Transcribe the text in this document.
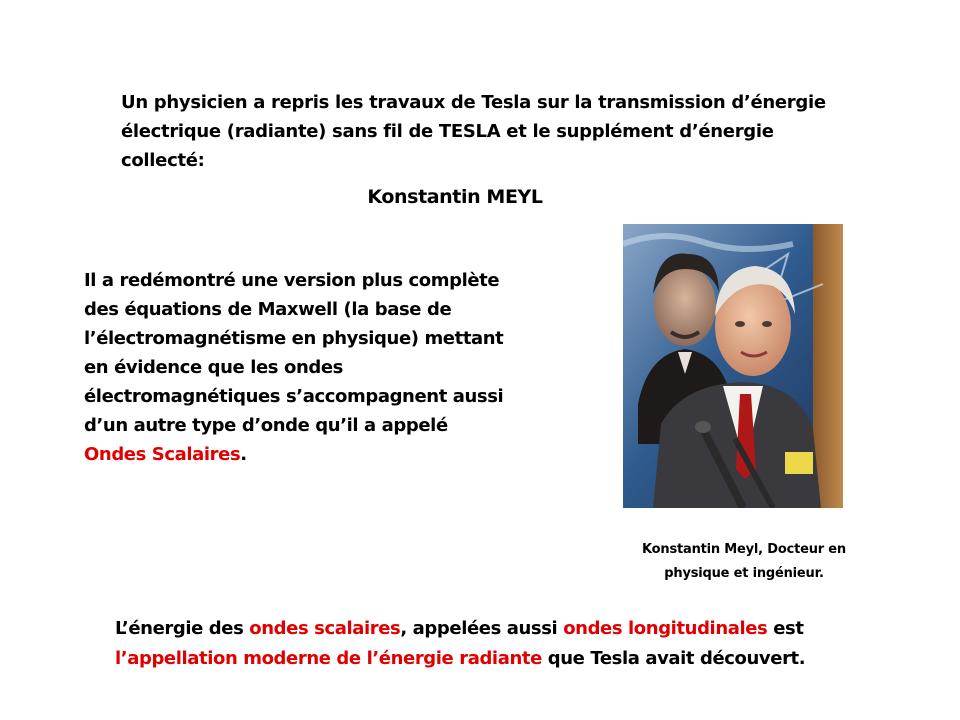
Un physicien a repris les travaux de Tesla sur la transmission d’énergie
électrique (radiante) sans fil de TESLA et le supplément d’énergie collecté:
Konstantin MEYL
Il a redémontré une version plus complète
des équations de Maxwell (la base de
l’électromagnétisme en physique) mettant
en évidence que les ondes
électromagnétiques s’accompagnent aussi
d’un autre type d’onde qu’il a appelé
Ondes Scalaires.
Konstantin Meyl, Docteur en
physique et ingénieur.
L’énergie des ondes scalaires, appelées aussi ondes longitudinales est
l’appellation moderne de l’énergie radiante que Tesla avait découvert.
